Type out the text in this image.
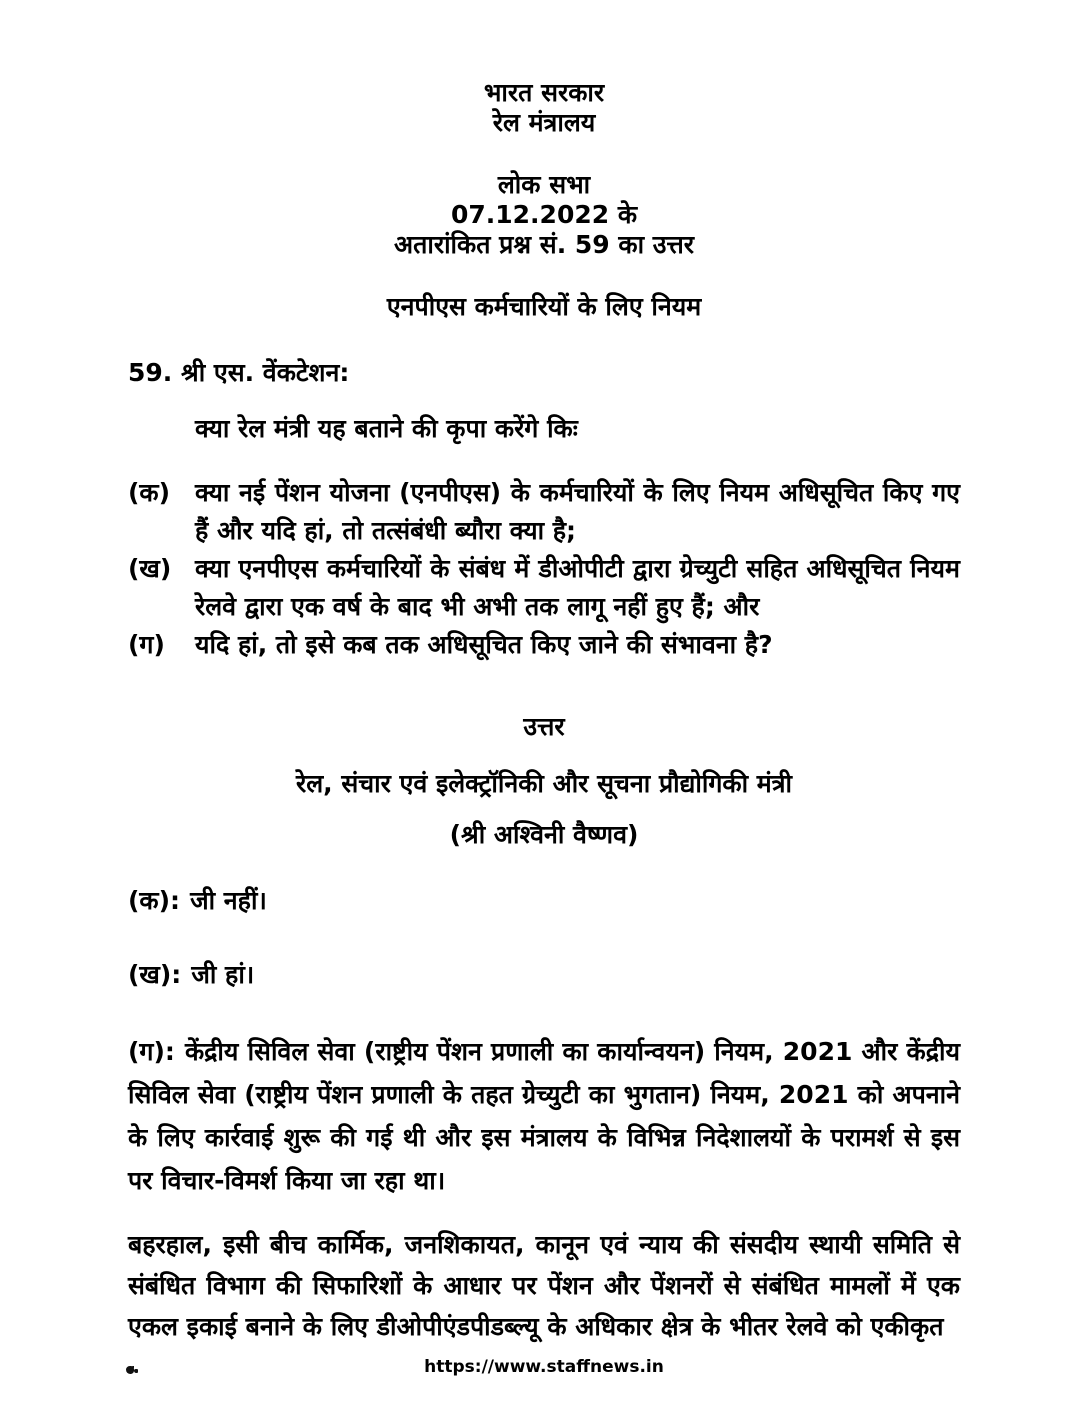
भारत सरकार
रेल मंत्रालय
लोक सभा
07.12.2022 के
अतारांकित प्रश्न सं. 59 का उत्तर
एनपीएस कर्मचारियों के लिए नियम
59. श्री एस. वेंकटेशन:
क्या रेल मंत्री यह बताने की कृपा करेंगे किः
(क) क्या नई पेंशन योजना (एनपीएस) के कर्मचारियों के लिए नियम अधिसूचित किए गए हैं और यदि हां, तो तत्संबंधी ब्यौरा क्या है;
(ख) क्या एनपीएस कर्मचारियों के संबंध में डीओपीटी द्वारा ग्रेच्युटी सहित अधिसूचित नियम रेलवे द्वारा एक वर्ष के बाद भी अभी तक लागू नहीं हुए हैं; और
(ग)	यदि हां, तो इसे कब तक अधिसूचित किए जाने की संभावना है?
उत्तर
रेल, संचार एवं इलेक्ट्रॉनिकी और सूचना प्रौद्योगिकी मंत्री
(श्री अश्विनी वैष्णव)
(क): जी नहीं।
(ख): जी हां।
(ग): केंद्रीय सिविल सेवा (राष्ट्रीय पेंशन प्रणाली का कार्यान्वयन) नियम, 2021 और केंद्रीय सिविल सेवा (राष्ट्रीय पेंशन प्रणाली के तहत ग्रेच्युटी का भुगतान) नियम, 2021 को अपनाने के लिए कार्रवाई शुरू की गई थी और इस मंत्रालय के विभिन्न निदेशालयों के परामर्श से इस पर विचार-विमर्श किया जा रहा था।
बहरहाल, इसी बीच कार्मिक, जनशिकायत, कानून एवं न्याय की संसदीय स्थायी समिति से संबंधित विभाग की सिफारिशों के आधार पर पेंशन और पेंशनरों से संबंधित मामलों में एक एकल इकाई बनाने के लिए डीओपीएंडपीडब्ल्यू के अधिकार क्षेत्र के भीतर रेलवे को एकीकृत
https://www.staffnews.in
